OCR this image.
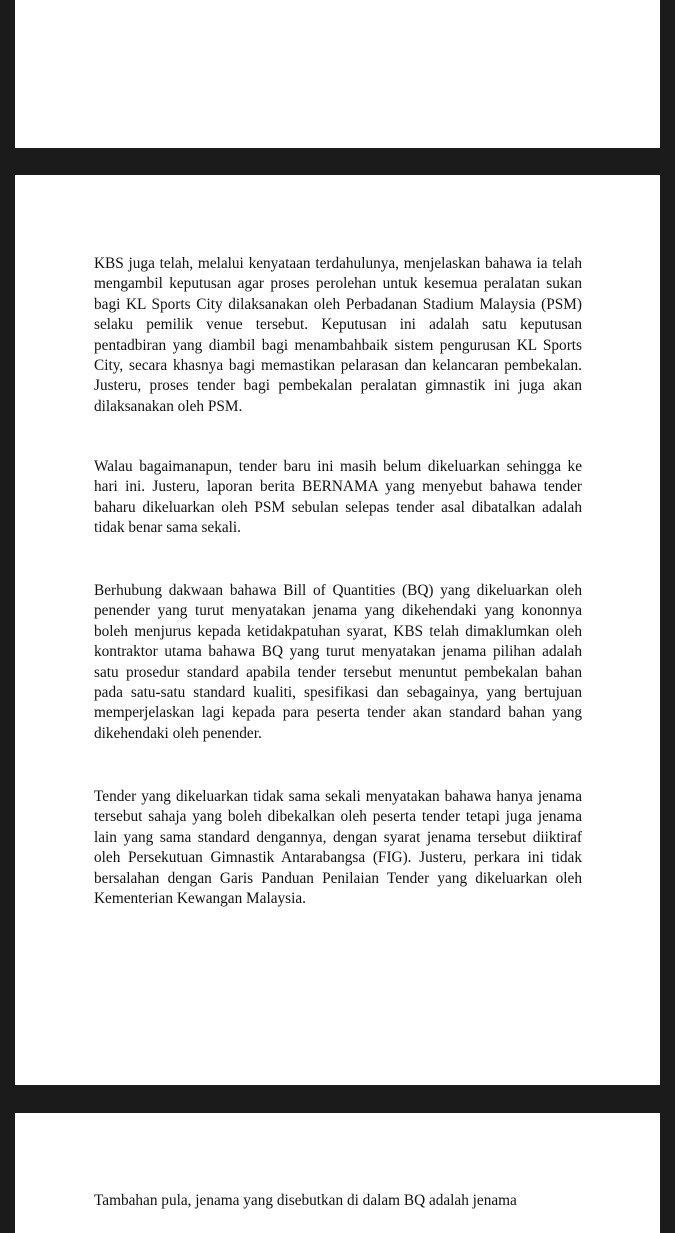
KBS juga telah, melalui kenyataan terdahulunya, menjelaskan bahawa ia telah mengambil keputusan agar proses perolehan untuk kesemua peralatan sukan bagi KL Sports City dilaksanakan oleh Perbadanan Stadium Malaysia (PSM) selaku pemilik venue tersebut. Keputusan ini adalah satu keputusan pentadbiran yang diambil bagi menambahbaik sistem pengurusan KL Sports City, secara khasnya bagi memastikan pelarasan dan kelancaran pembekalan. Justeru, proses tender bagi pembekalan peralatan gimnastik ini juga akan dilaksanakan oleh PSM.

Walau bagaimanapun, tender baru ini masih belum dikeluarkan sehingga ke hari ini. Justeru, laporan berita BERNAMA yang menyebut bahawa tender baharu dikeluarkan oleh PSM sebulan selepas tender asal dibatalkan adalah tidak benar sama sekali.

Berhubung dakwaan bahawa Bill of Quantities (BQ) yang dikeluarkan oleh penender yang turut menyatakan jenama yang dikehendaki yang kononnya boleh menjurus kepada ketidakpatuhan syarat, KBS telah dimaklumkan oleh kontraktor utama bahawa BQ yang turut menyatakan jenama pilihan adalah satu prosedur standard apabila tender tersebut menuntut pembekalan bahan pada satu-satu standard kualiti, spesifikasi dan sebagainya, yang bertujuan memperjelaskan lagi kepada para peserta tender akan standard bahan yang dikehendaki oleh penender.

Tender yang dikeluarkan tidak sama sekali menyatakan bahawa hanya jenama tersebut sahaja yang boleh dibekalkan oleh peserta tender tetapi juga jenama lain yang sama standard dengannya, dengan syarat jenama tersebut diiktiraf oleh Persekutuan Gimnastik Antarabangsa (FIG). Justeru, perkara ini tidak bersalahan dengan Garis Panduan Penilaian Tender yang dikeluarkan oleh Kementerian Kewangan Malaysia.

Tambahan pula, jenama yang disebutkan di dalam BQ adalah jenama
